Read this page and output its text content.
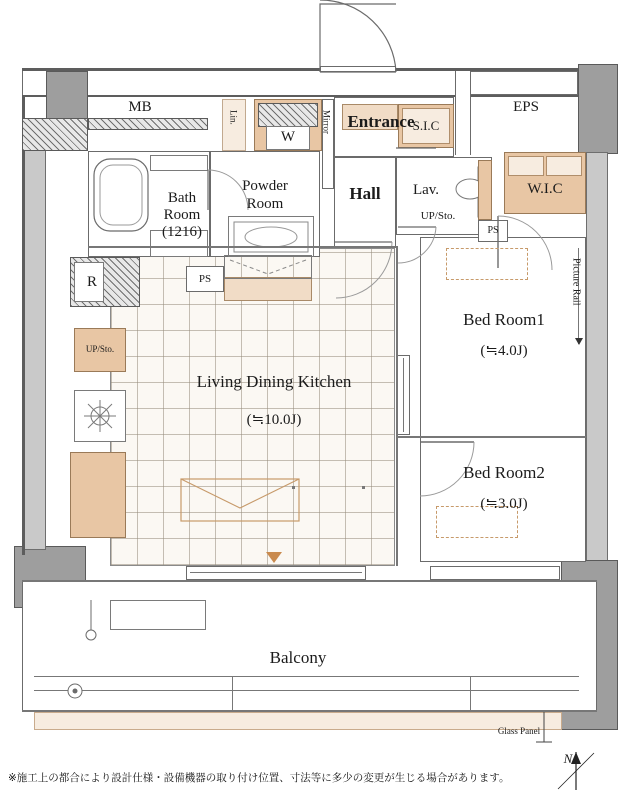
MB	EPS
Entrance
S.I.C
W.I.C
Hall	Lav.
Powder
Room
Bath
Room
(1216)
Living Dining Kitchen
(≒10.0J)
Bed Room1
(≒4.0J)
Bed Room2
(≒3.0J)
Balcony
W
R
Lin.	Mirror
PS
PS
UP/Sto.
UP/Sto.
Picture Rail
Glass Panel
N
※施工上の都合により設計仕様・設備機器の取り付け位置、寸法等に多少の変更が生じる場合があります。
